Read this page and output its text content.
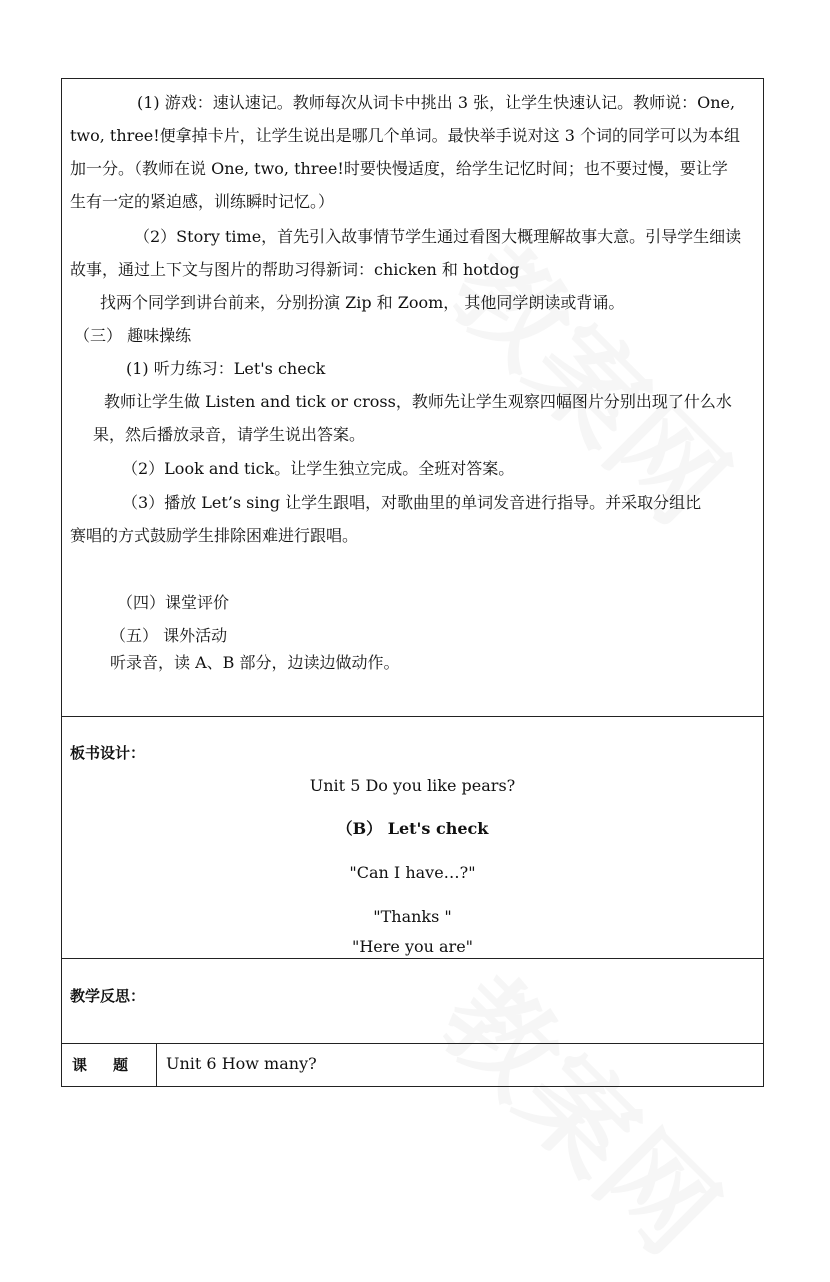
(1) 游戏：速认速记。教师每次从词卡中挑出 3 张，让学生快速认记。教师说：One,
two, three!便拿掉卡片，让学生说出是哪几个单词。最快举手说对这 3 个词的同学可以为本组
加一分。（教师在说 One, two, three!时要快慢适度，给学生记忆时间；也不要过慢，要让学
生有一定的紧迫感，训练瞬时记忆。）
（2）Story time，首先引入故事情节学生通过看图大概理解故事大意。引导学生细读
故事，通过上下文与图片的帮助习得新词：chicken 和 hotdog
找两个同学到讲台前来，分别扮演 Zip 和 Zoom， 其他同学朗读或背诵。
（三） 趣味操练
(1) 听力练习：Let's check
教师让学生做 Listen and tick or cross，教师先让学生观察四幅图片分别出现了什么水
果，然后播放录音，请学生说出答案。
（2）Look and tick。让学生独立完成。全班对答案。
（3）播放 Let’s sing 让学生跟唱，对歌曲里的单词发音进行指导。并采取分组比
赛唱的方式鼓励学生排除困难进行跟唱。
（四）课堂评价
（五） 课外活动
听录音，读 A、B 部分，边读边做动作。
板书设计：
Unit 5 Do you like pears?
（B） Let's check
"Can I have…?"
"Thanks "
"Here you are"
教学反思：
课题 Unit 6 How many?
